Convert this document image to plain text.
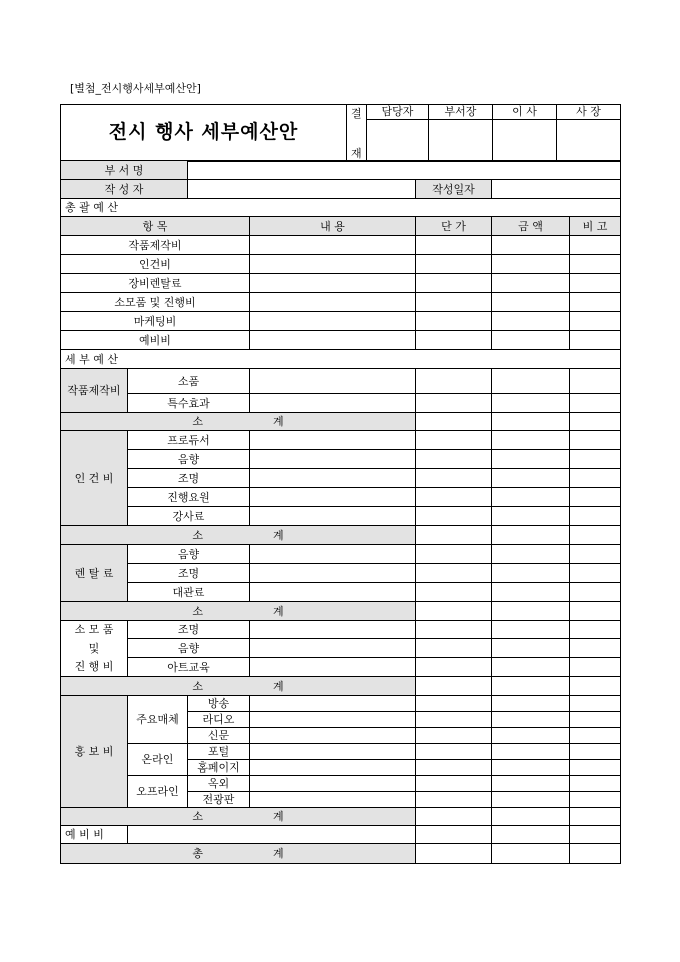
[별첨_전시행사세부예산안]
전시 행사 세부예산안	결	담당자	부서장	이 사	사 장
	재				
부 서 명						
작 성 자				작성일자		
총 괄 예 산						
항 목			내 용	단 가	금 액	비 고
작품제작비						
인건비						
장비렌탈료						
소모품 및 진행비						
마케팅비						
예비비						
세 부 예 산						
작품제작비	소품					
	특수효과					
소 계						
인 건 비	프로듀서					
	음향					
	조명					
	진행요원					
	강사료					
소 계						
렌 탈 료	음향					
	조명					
	대관료					
소 계						
소 모 품	조명					
및	음향					
진 행 비	아트교육					
소 계						
홍 보 비	주요매체	방송				
		라디오				
		신문				
	온라인	포털				
		홈페이지				
	오프라인	옥외				
		전광판				
소 계						
예 비 비						
총 계						
